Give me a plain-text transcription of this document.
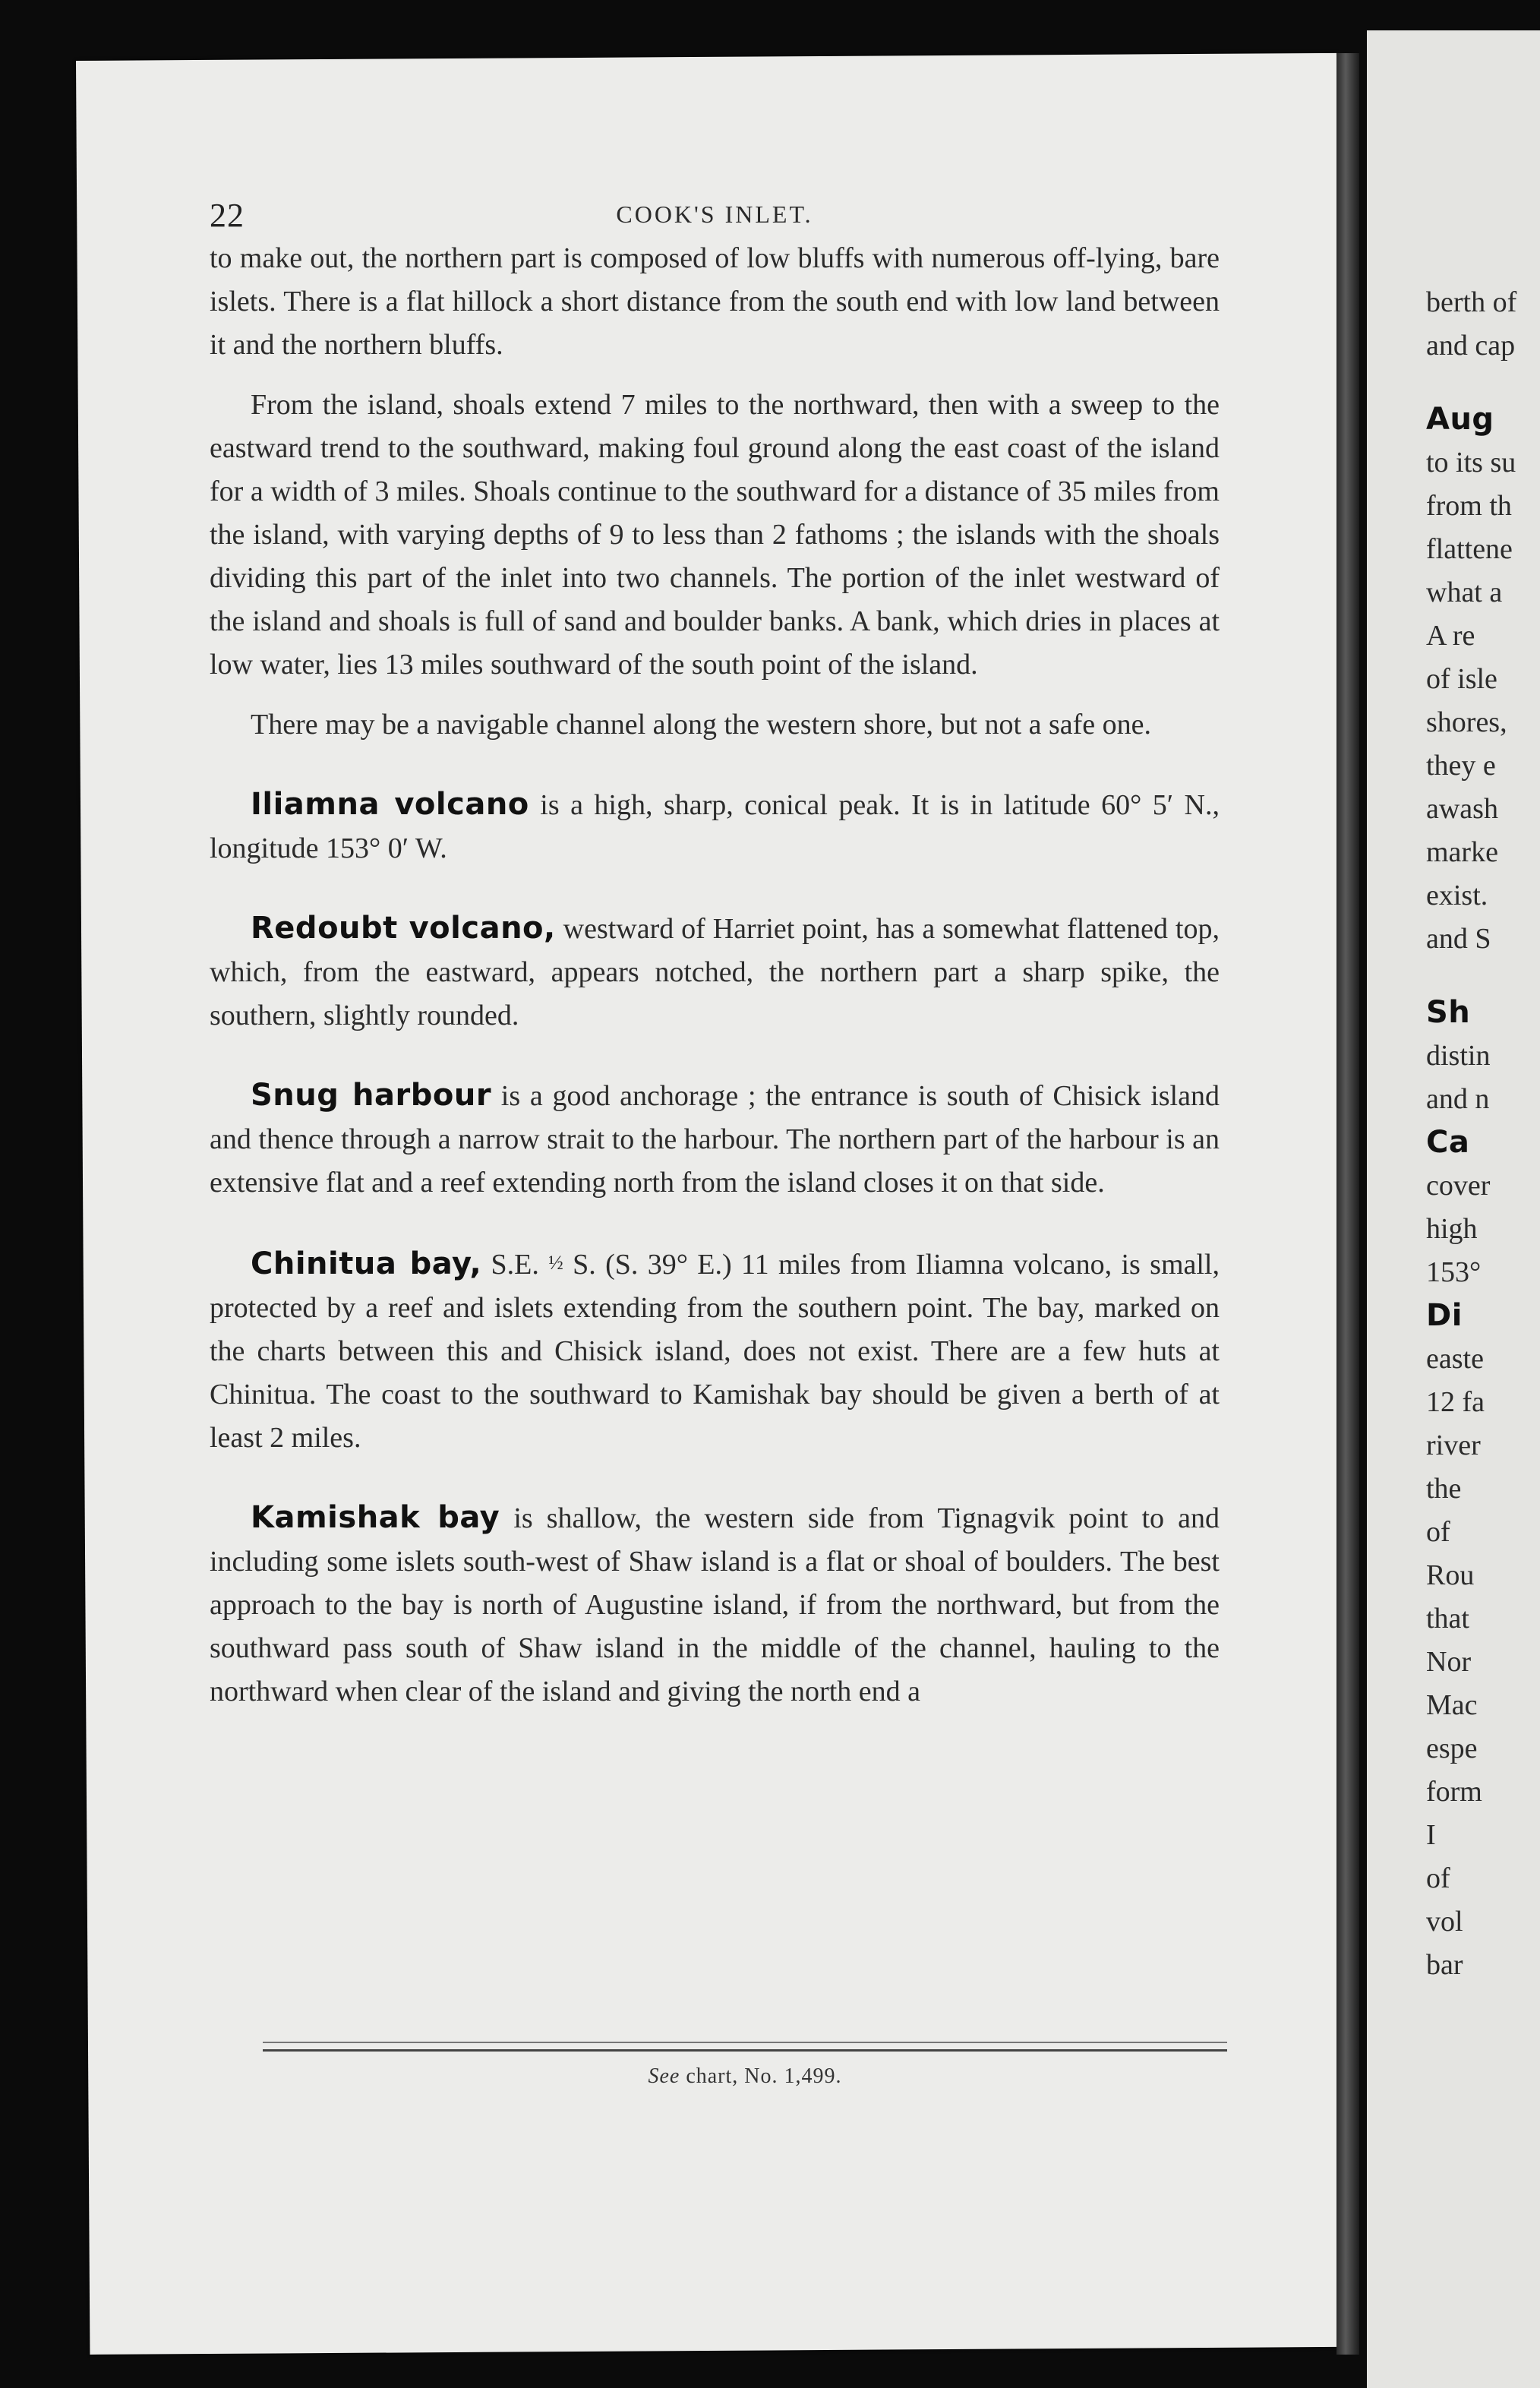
22	COOK'S INLET.

to make out, the northern part is composed of low bluffs with numerous off-lying, bare islets. There is a flat hillock a short distance from the south end with low land between it and the northern bluffs.

From the island, shoals extend 7 miles to the northward, then with a sweep to the eastward trend to the southward, making foul ground along the east coast of the island for a width of 3 miles. Shoals continue to the southward for a distance of 35 miles from the island, with varying depths of 9 to less than 2 fathoms ; the islands with the shoals dividing this part of the inlet into two channels. The portion of the inlet westward of the island and shoals is full of sand and boulder banks. A bank, which dries in places at low water, lies 13 miles southward of the south point of the island.

There may be a navigable channel along the western shore, but not a safe one.

Iliamna volcano is a high, sharp, conical peak. It is in latitude 60° 5′ N., longitude 153° 0′ W.

Redoubt volcano, westward of Harriet point, has a somewhat flattened top, which, from the eastward, appears notched, the northern part a sharp spike, the southern, slightly rounded.

Snug harbour is a good anchorage ; the entrance is south of Chisick island and thence through a narrow strait to the harbour. The northern part of the harbour is an extensive flat and a reef extending north from the island closes it on that side.

Chinitua bay, S.E. ½ S. (S. 39° E.) 11 miles from Iliamna volcano, is small, protected by a reef and islets extending from the southern point. The bay, marked on the charts between this and Chisick island, does not exist. There are a few huts at Chinitua. The coast to the southward to Kamishak bay should be given a berth of at least 2 miles.

Kamishak bay is shallow, the western side from Tignagvik point to and including some islets south-west of Shaw island is a flat or shoal of boulders. The best approach to the bay is north of Augustine island, if from the northward, but from the southward pass south of Shaw island in the middle of the channel, hauling to the northward when clear of the island and giving the north end a

See chart, No. 1,499.
berth of
and cap
Aug
to its su
from th
flattene
what a
A re
of isle
shores,
they e
awash
marke
exist.
and S
Sh
distin
and n
Ca
cover
high
153°
Di
easte
12 fa
river
the
of
Rou
that
Nor
Mac
espe
form
I
of
vol
bar
